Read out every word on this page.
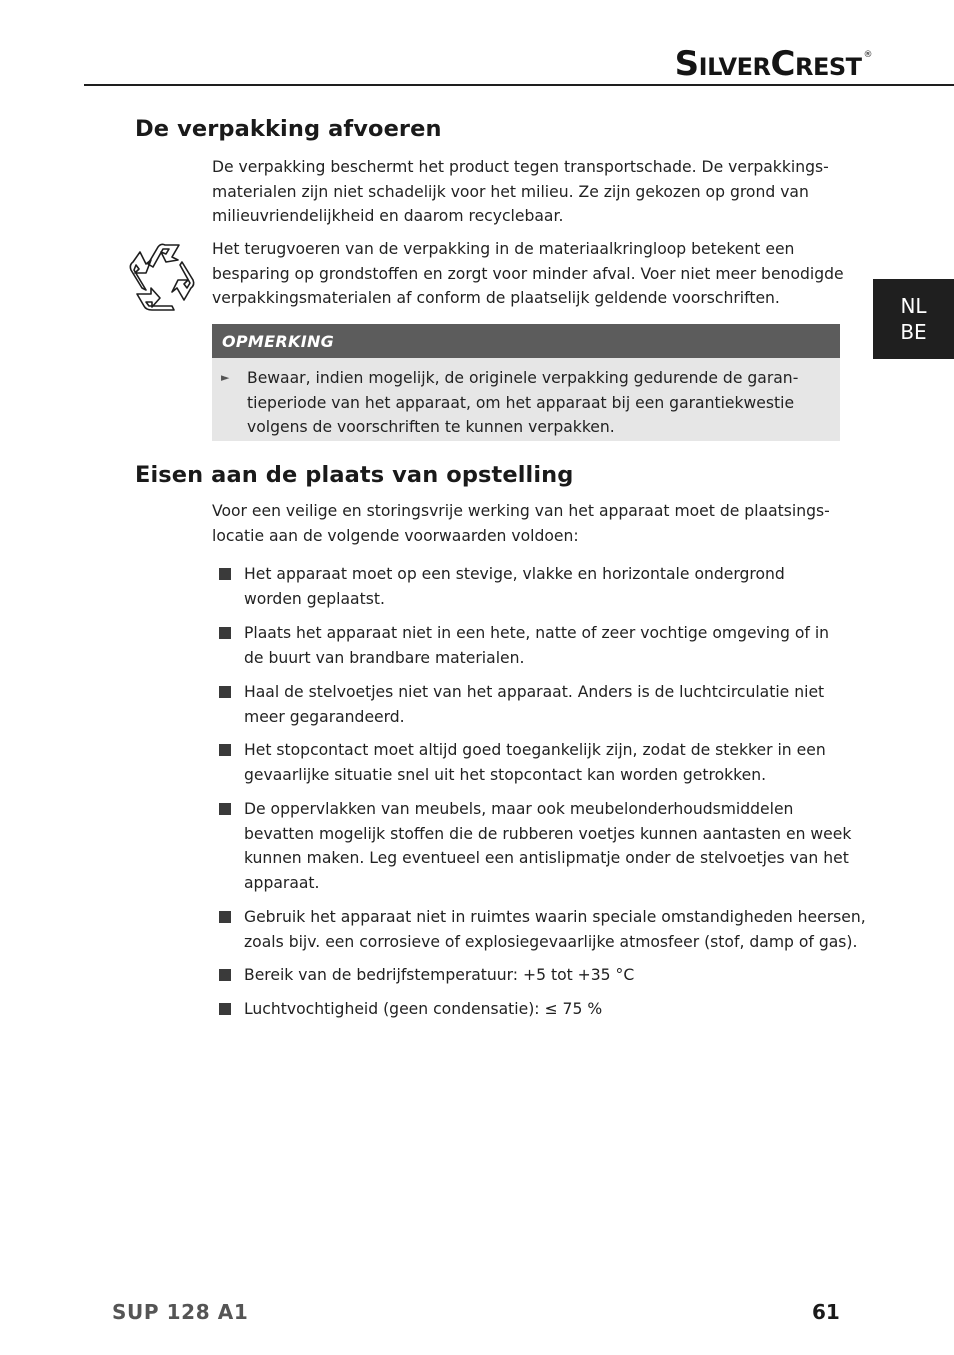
SilverCrest ®
NL
BE
De verpakking afvoeren
De verpakking beschermt het product tegen transportschade. De verpakkings-
materialen zijn niet schadelijk voor het milieu. Ze zijn gekozen op grond van
milieuvriendelijkheid en daarom recyclebaar.
Het terugvoeren van de verpakking in de materiaalkringloop betekent een
besparing op grondstoffen en zorgt voor minder afval. Voer niet meer benodigde
verpakkingsmaterialen af conform de plaatselijk geldende voorschriften.
OPMERKING
► Bewaar, indien mogelijk, de originele verpakking gedurende de garan-
tieperiode van het apparaat, om het apparaat bij een garantiekwestie
volgens de voorschriften te kunnen verpakken.
Eisen aan de plaats van opstelling
Voor een veilige en storingsvrije werking van het apparaat moet de plaatsings-
locatie aan de volgende voorwaarden voldoen:
Het apparaat moet op een stevige, vlakke en horizontale ondergrond
worden geplaatst.
Plaats het apparaat niet in een hete, natte of zeer vochtige omgeving of in
de buurt van brandbare materialen.
Haal de stelvoetjes niet van het apparaat. Anders is de luchtcirculatie niet
meer gegarandeerd.
Het stopcontact moet altijd goed toegankelijk zijn, zodat de stekker in een
gevaarlijke situatie snel uit het stopcontact kan worden getrokken.
De oppervlakken van meubels, maar ook meubelonderhoudsmiddelen
bevatten mogelijk stoffen die de rubberen voetjes kunnen aantasten en week
kunnen maken. Leg eventueel een antislipmatje onder de stelvoetjes van het
apparaat.
Gebruik het apparaat niet in ruimtes waarin speciale omstandigheden heersen,
zoals bijv. een corrosieve of explosiegevaarlijke atmosfeer (stof, damp of gas).
Bereik van de bedrijfstemperatuur: +5 tot +35 °C
Luchtvochtigheid (geen condensatie): ≤ 75 %
SUP 128 A1	61
